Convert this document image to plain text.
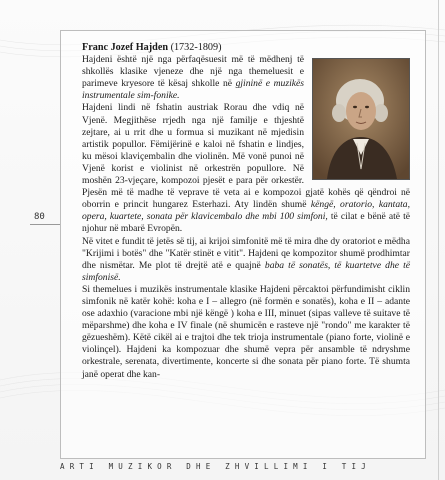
80

Franc Jozef Hajden (1732-1809)

Hajdeni është një nga përfaqësuesit më të mëdhenj të shkollës klasike vjeneze dhe një nga themeluesit e parimeve kryesore të kësaj shkolle në gjininë e muzikës instrumentale sim-fonike.

Hajdeni lindi në fshatin austriak Rorau dhe vdiq në Vjenë. Megjithëse rrjedh nga një familje e thjeshtë zejtare, ai u rrit dhe u formua si muzikant në mjedisin artistik popullor. Fëmijërinë e kaloi në fshatin e lindjes, ku mësoi klaviçembalin dhe violinën. Më vonë punoi në Vjenë korist e violinist në orkestrën popullore. Në moshën 23-vjeçare, kompozoi pjesët e para për orkestër. Pjesën më të madhe të veprave të veta ai e kompozoi gjatë kohës që qëndroi në oborrin e princit hungarez Esterhazi. Aty lindën shumë këngë, oratorio, kantata, opera, kuartete, sonata për klavicembalo dhe mbi 100 simfoni, të cilat e bënë atë të njohur në mbarë Evropën.

Në vitet e fundit të jetës së tij, ai krijoi simfonitë më të mira dhe dy oratoriot e mëdha "Krijimi i botës" dhe "Katër stinët e vitit". Hajdeni qe kompozitor shumë prodhimtar dhe nismëtar. Me plot të drejtë atë e quajnë baba të sonatës, të kuartetve dhe të simfonisë.

Si themelues i muzikës instrumentale klasike Hajdeni përcaktoi përfundimisht ciklin simfonik në katër kohë: koha e I – allegro (në formën e sonatës), koha e II – adante ose adaxhio (varacione mbi një këngë ) koha e III, minuet (sipas valleve të suitave të mëparshme) dhe koha e IV finale (në shumicën e rasteve një "rondo" me karakter të gëzueshëm). Këtë cikël ai e trajtoi dhe tek trioja instrumentale (piano forte, violinë e violinçel). Hajdeni ka kompozuar dhe shumë vepra për ansamble të ndryshme orkestrale, serenata, divertimente, koncerte si dhe sonata për piano forte. Të shumta janë operat dhe kan-

ARTI MUZIKOR DHE ZHVILLIMI I TIJ
